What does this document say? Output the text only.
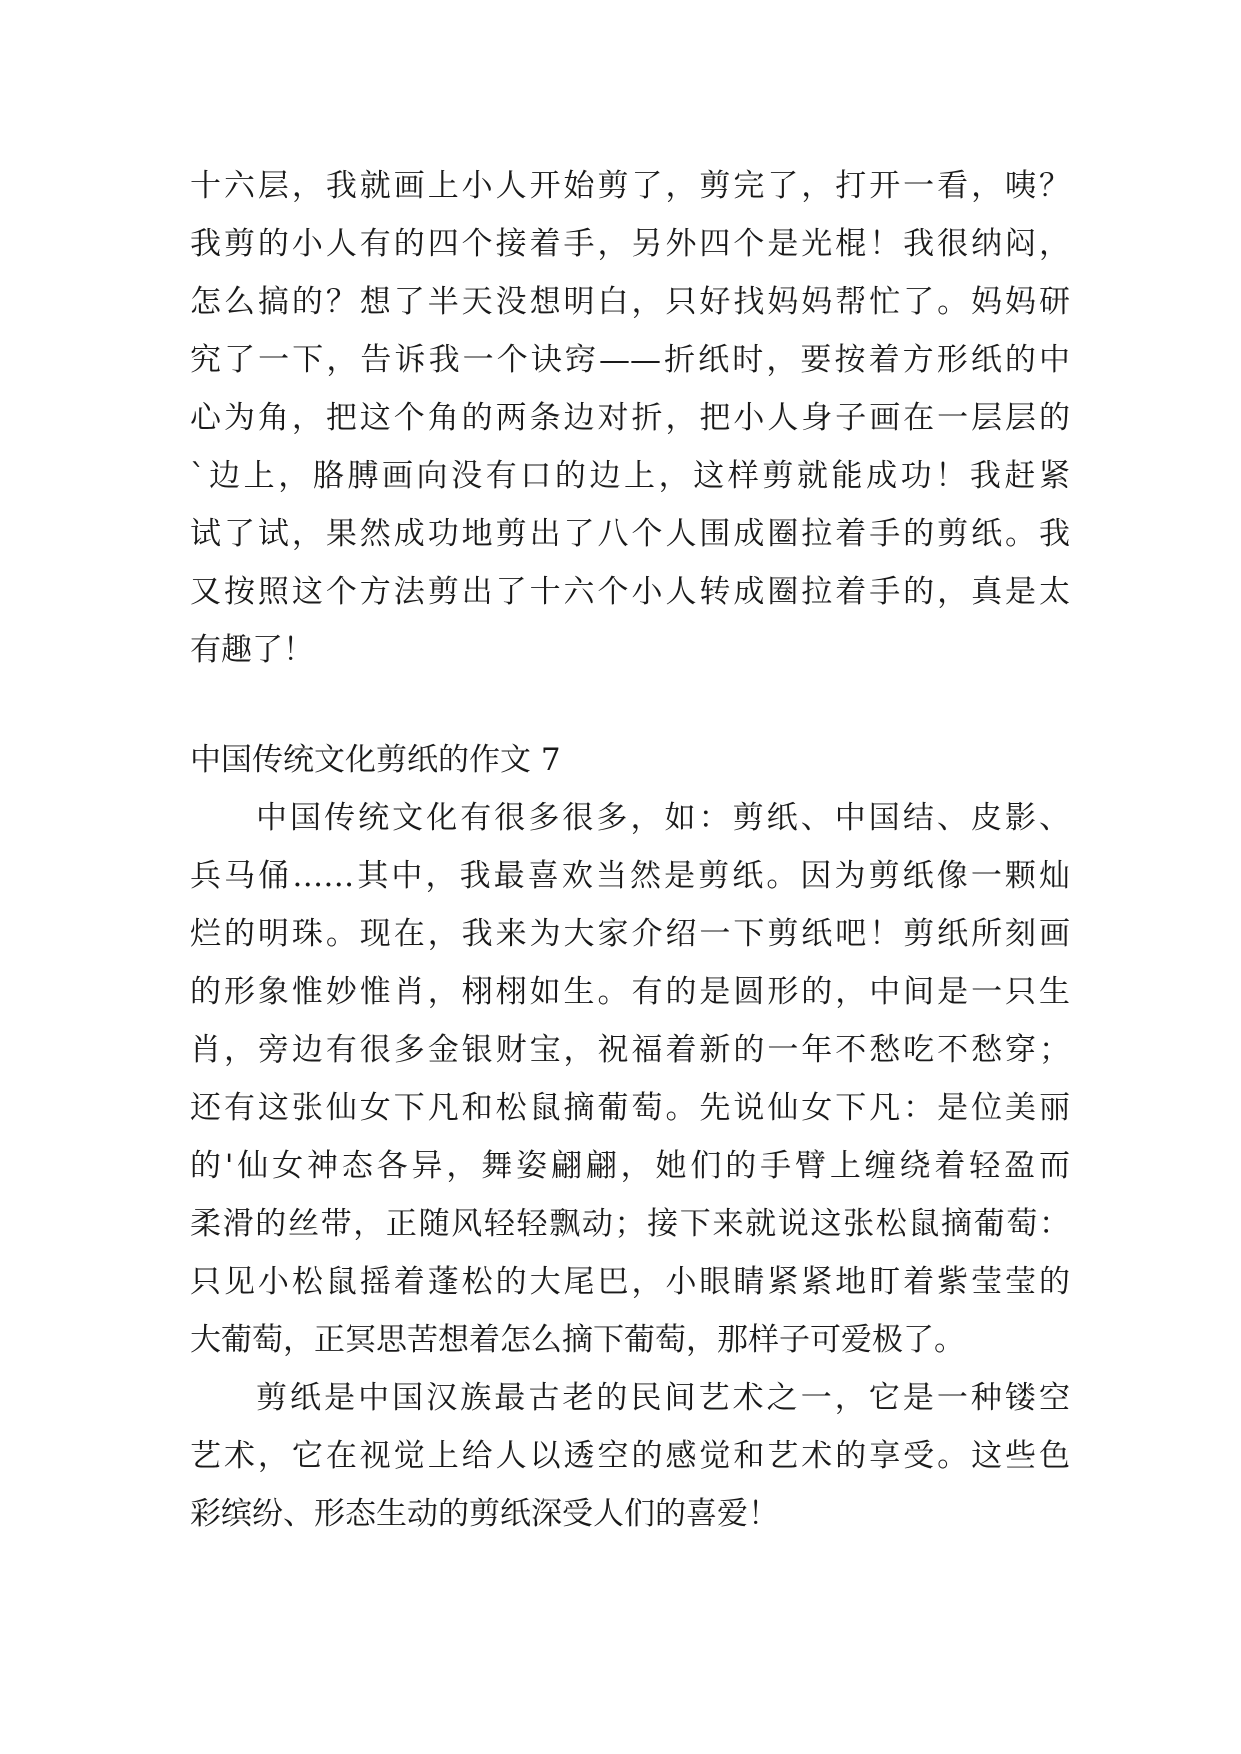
十六层，我就画上小人开始剪了，剪完了，打开一看，咦？
我剪的小人有的四个接着手，另外四个是光棍！我很纳闷，
怎么搞的？想了半天没想明白，只好找妈妈帮忙了。妈妈研
究了一下，告诉我一个诀窍——折纸时，要按着方形纸的中
心为角，把这个角的两条边对折，把小人身子画在一层层的
`边上，胳膊画向没有口的边上，这样剪就能成功！我赶紧
试了试，果然成功地剪出了八个人围成圈拉着手的剪纸。我
又按照这个方法剪出了十六个小人转成圈拉着手的，真是太
有趣了！
中国传统文化剪纸的作文 7
中国传统文化有很多很多，如：剪纸、中国结、皮影、
兵马俑……其中，我最喜欢当然是剪纸。因为剪纸像一颗灿
烂的明珠。现在，我来为大家介绍一下剪纸吧！剪纸所刻画
的形象惟妙惟肖，栩栩如生。有的是圆形的，中间是一只生
肖，旁边有很多金银财宝，祝福着新的一年不愁吃不愁穿；
还有这张仙女下凡和松鼠摘葡萄。先说仙女下凡：是位美丽
的'仙女神态各异，舞姿翩翩，她们的手臂上缠绕着轻盈而
柔滑的丝带，正随风轻轻飘动；接下来就说这张松鼠摘葡萄：
只见小松鼠摇着蓬松的大尾巴，小眼睛紧紧地盯着紫莹莹的
大葡萄，正冥思苦想着怎么摘下葡萄，那样子可爱极了。
剪纸是中国汉族最古老的民间艺术之一，它是一种镂空
艺术，它在视觉上给人以透空的感觉和艺术的享受。这些色
彩缤纷、形态生动的剪纸深受人们的喜爱！
